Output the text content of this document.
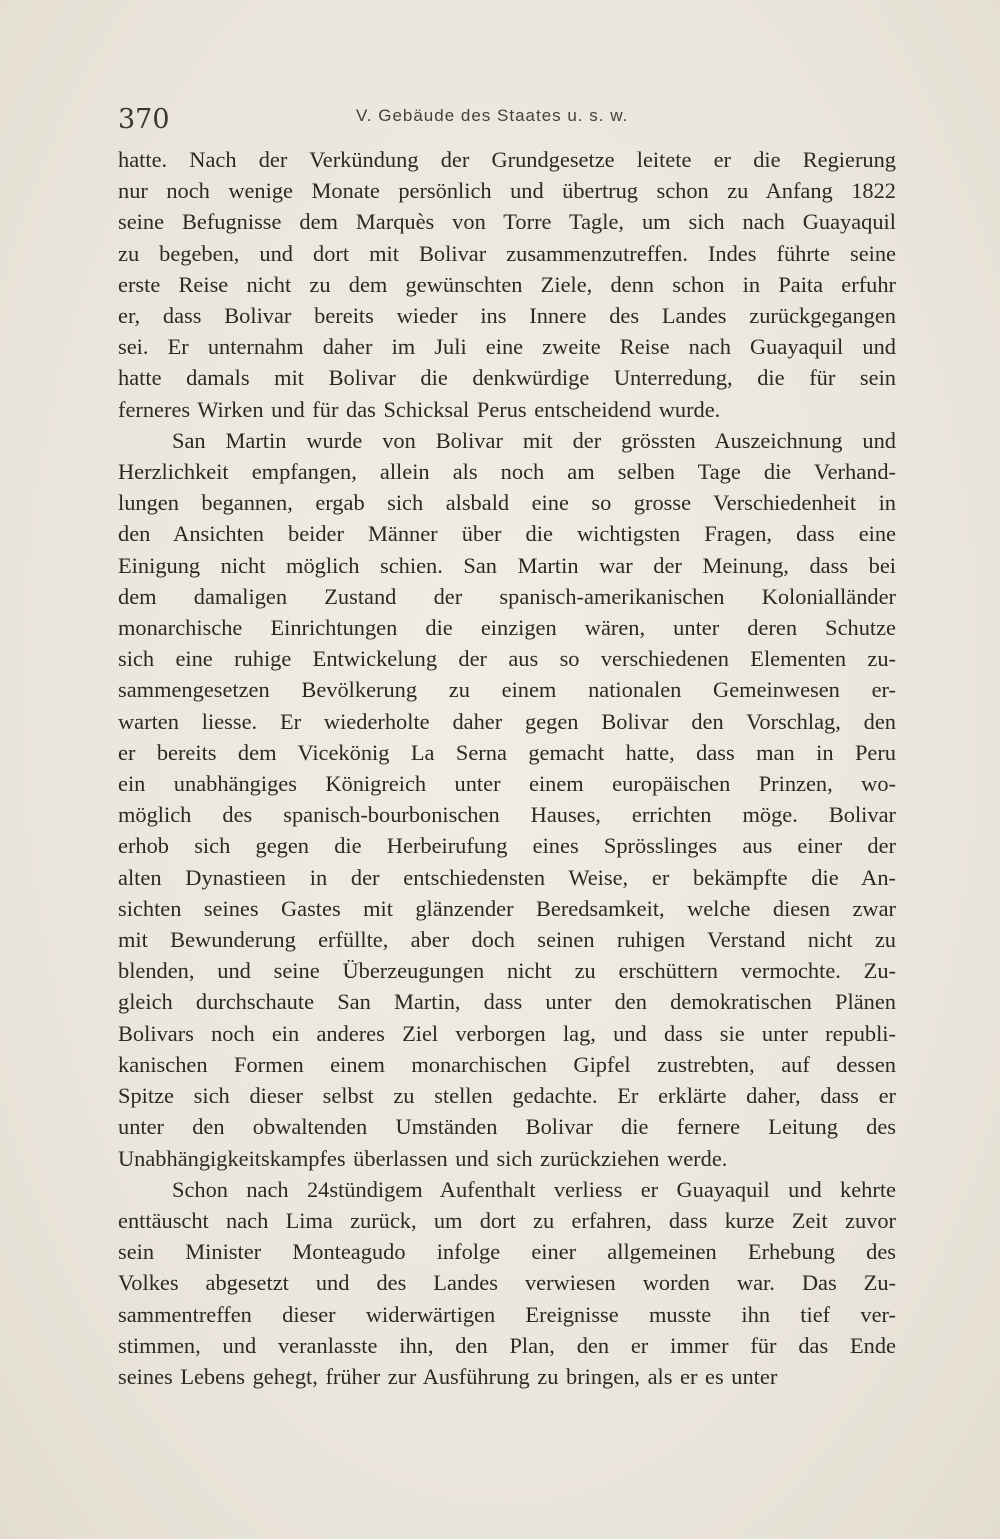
370	V. Gebäude des Staates u. s. w.
hatte. Nach der Verkündung der Grundgesetze leitete er die Regierung
nur noch wenige Monate persönlich und übertrug schon zu Anfang 1822
seine Befugnisse dem Marquès von Torre Tagle, um sich nach Guayaquil
zu begeben, und dort mit Bolivar zusammenzutreffen. Indes führte seine
erste Reise nicht zu dem gewünschten Ziele, denn schon in Paita erfuhr
er, dass Bolivar bereits wieder ins Innere des Landes zurückgegangen
sei. Er unternahm daher im Juli eine zweite Reise nach Guayaquil und
hatte damals mit Bolivar die denkwürdige Unterredung, die für sein
ferneres Wirken und für das Schicksal Perus entscheidend wurde.
San Martin wurde von Bolivar mit der grössten Auszeichnung und
Herzlichkeit empfangen, allein als noch am selben Tage die Verhand-
lungen begannen, ergab sich alsbald eine so grosse Verschiedenheit in
den Ansichten beider Männer über die wichtigsten Fragen, dass eine
Einigung nicht möglich schien. San Martin war der Meinung, dass bei
dem damaligen Zustand der spanisch-amerikanischen Kolonialländer
monarchische Einrichtungen die einzigen wären, unter deren Schutze
sich eine ruhige Entwickelung der aus so verschiedenen Elementen zu-
sammengesetzen Bevölkerung zu einem nationalen Gemeinwesen er-
warten liesse. Er wiederholte daher gegen Bolivar den Vorschlag, den
er bereits dem Vicekönig La Serna gemacht hatte, dass man in Peru
ein unabhängiges Königreich unter einem europäischen Prinzen, wo-
möglich des spanisch-bourbonischen Hauses, errichten möge. Bolivar
erhob sich gegen die Herbeirufung eines Sprösslinges aus einer der
alten Dynastieen in der entschiedensten Weise, er bekämpfte die An-
sichten seines Gastes mit glänzender Beredsamkeit, welche diesen zwar
mit Bewunderung erfüllte, aber doch seinen ruhigen Verstand nicht zu
blenden, und seine Überzeugungen nicht zu erschüttern vermochte. Zu-
gleich durchschaute San Martin, dass unter den demokratischen Plänen
Bolivars noch ein anderes Ziel verborgen lag, und dass sie unter republi-
kanischen Formen einem monarchischen Gipfel zustrebten, auf dessen
Spitze sich dieser selbst zu stellen gedachte. Er erklärte daher, dass er
unter den obwaltenden Umständen Bolivar die fernere Leitung des
Unabhängigkeitskampfes überlassen und sich zurückziehen werde.
Schon nach 24stündigem Aufenthalt verliess er Guayaquil und kehrte
enttäuscht nach Lima zurück, um dort zu erfahren, dass kurze Zeit zuvor
sein Minister Monteagudo infolge einer allgemeinen Erhebung des
Volkes abgesetzt und des Landes verwiesen worden war. Das Zu-
sammentreffen dieser widerwärtigen Ereignisse musste ihn tief ver-
stimmen, und veranlasste ihn, den Plan, den er immer für das Ende
seines Lebens gehegt, früher zur Ausführung zu bringen, als er es unter
